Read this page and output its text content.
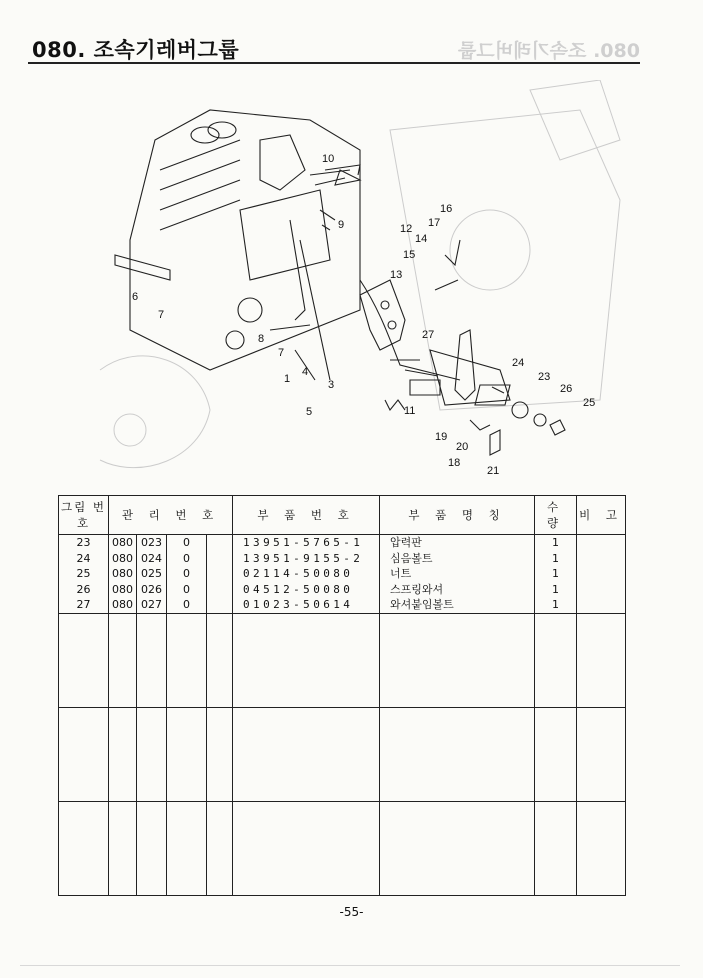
080. 조속기레버그룹	080. 조속기레버그룹
10
9
16
17
12
14
15
13
6
7
8
7
1
4
3
5
27
24
23
26
25
11
19
20
18
21
그림 번호	관 리 번 호				부 품 번 호	부 품 명 칭	수 량	비 고
23	080	023	0		13951-5765-1	압력판	1	
24	080	024	0		13951-9155-2	심음볼트	1	
25	080	025	0		02114-50080	너트	1	
26	080	026	0		04512-50080	스프링와셔	1	
27	080	027	0		01023-50614	와셔붙임볼트	1	

-55-
